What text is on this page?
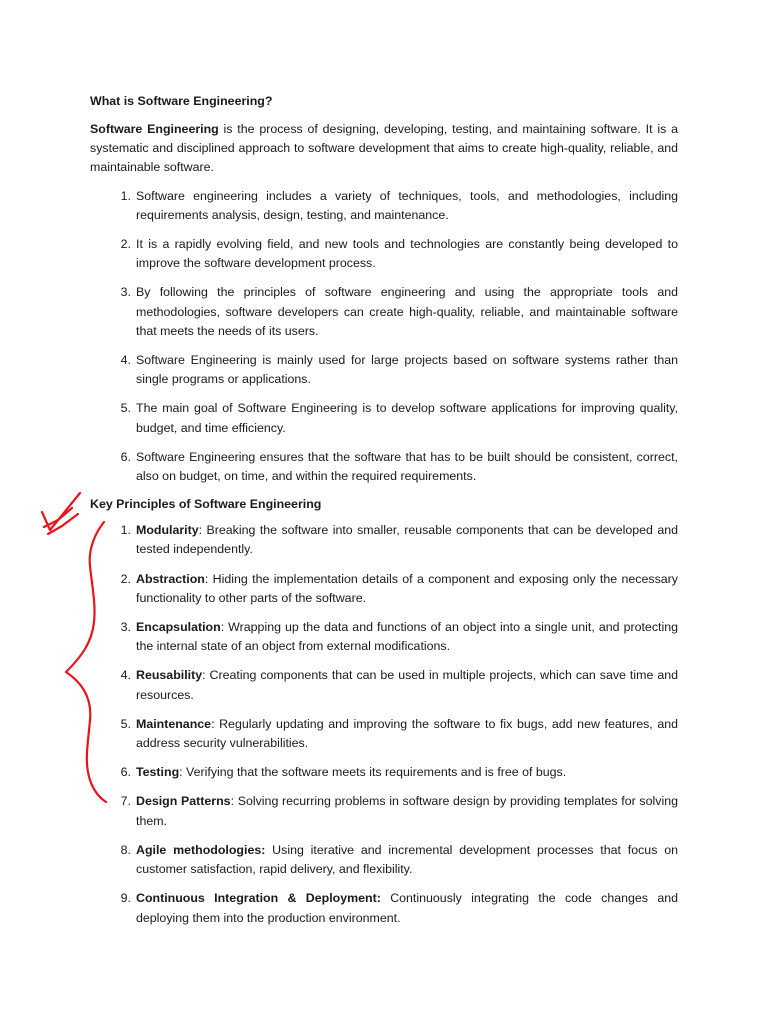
What is Software Engineering?

Software Engineering is the process of designing, developing, testing, and maintaining software. It is a systematic and disciplined approach to software development that aims to create high-quality, reliable, and maintainable software.

1. Software engineering includes a variety of techniques, tools, and methodologies, including requirements analysis, design, testing, and maintenance.
2. It is a rapidly evolving field, and new tools and technologies are constantly being developed to improve the software development process.
3. By following the principles of software engineering and using the appropriate tools and methodologies, software developers can create high-quality, reliable, and maintainable software that meets the needs of its users.
4. Software Engineering is mainly used for large projects based on software systems rather than single programs or applications.
5. The main goal of Software Engineering is to develop software applications for improving quality, budget, and time efficiency.
6. Software Engineering ensures that the software that has to be built should be consistent, correct, also on budget, on time, and within the required requirements.
Key Principles of Software Engineering
1. Modularity: Breaking the software into smaller, reusable components that can be developed and tested independently.
2. Abstraction: Hiding the implementation details of a component and exposing only the necessary functionality to other parts of the software.
3. Encapsulation: Wrapping up the data and functions of an object into a single unit, and protecting the internal state of an object from external modifications.
4. Reusability: Creating components that can be used in multiple projects, which can save time and resources.
5. Maintenance: Regularly updating and improving the software to fix bugs, add new features, and address security vulnerabilities.
6. Testing: Verifying that the software meets its requirements and is free of bugs.
7. Design Patterns: Solving recurring problems in software design by providing templates for solving them.
8. Agile methodologies: Using iterative and incremental development processes that focus on customer satisfaction, rapid delivery, and flexibility.
9. Continuous Integration & Deployment: Continuously integrating the code changes and deploying them into the production environment.
